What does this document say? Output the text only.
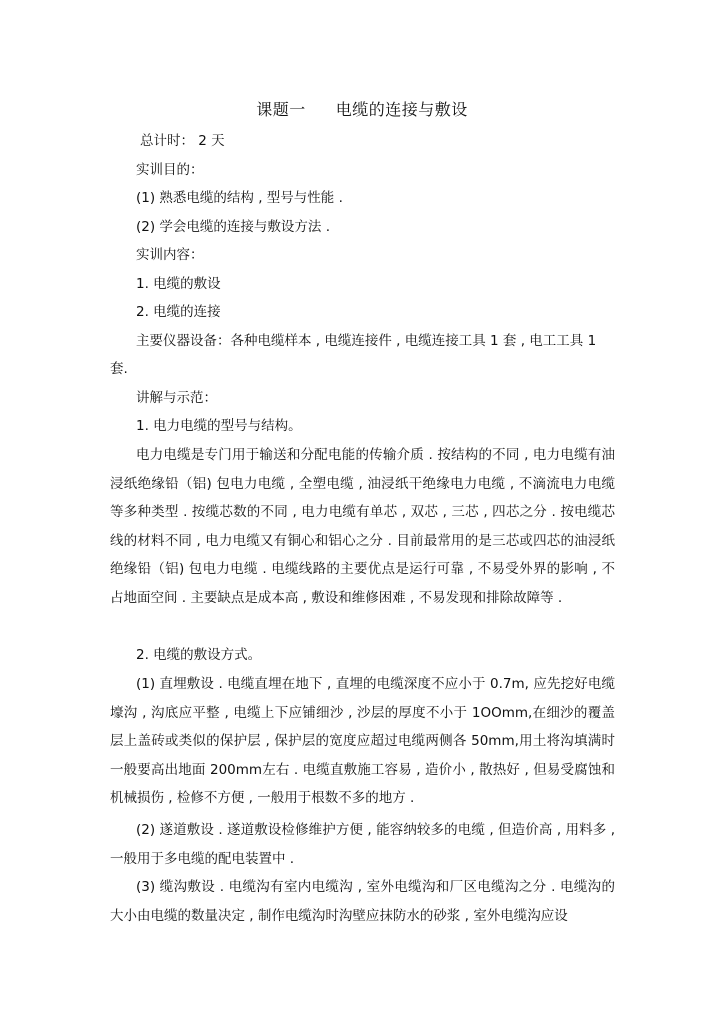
课题一 电缆的连接与敷设
总计时： 2 天
实训目的：
(1) 熟悉电缆的结构 , 型号与性能 .
(2) 学会电缆的连接与敷设方法 .
实训内容：
1. 电缆的敷设
2. 电缆的连接
主要仪器设备：各种电缆样本 , 电缆连接件 , 电缆连接工具 1 套 , 电工工具 1
套.
讲解与示范：
1. 电力电缆的型号与结构。
电力电缆是专门用于输送和分配电能的传输介质 . 按结构的不同 , 电力电缆有油浸纸绝缘铅（铝) 包电力电缆 , 全塑电缆 , 油浸纸干绝缘电力电缆 , 不滴流电力电缆等多种类型 . 按缆芯数的不同 , 电力电缆有单芯 , 双芯 , 三芯 , 四芯之分 . 按电缆芯线的材料不同 , 电力电缆又有铜心和铝心之分 . 目前最常用的是三芯或四芯的油浸纸绝缘铅（铝) 包电力电缆 . 电缆线路的主要优点是运行可靠 , 不易受外界的影响 , 不占地面空间 . 主要缺点是成本高 , 敷设和维修困难 , 不易发现和排除故障等 .
2. 电缆的敷设方式。
(1) 直埋敷设 . 电缆直埋在地下 , 直埋的电缆深度不应小于 0.7m, 应先挖好电缆壕沟 , 沟底应平整 , 电缆上下应铺细沙 , 沙层的厚度不小于 1OOmm,在细沙的覆盖层上盖砖或类似的保护层 , 保护层的宽度应超过电缆两侧各 50mm,用土将沟填满时一般要高出地面 200mm左右 . 电缆直敷施工容易 , 造价小 , 散热好 , 但易受腐蚀和机械损伤 , 检修不方便 , 一般用于根数不多的地方 .
(2) 遂道敷设 . 遂道敷设检修维护方便 , 能容纳较多的电缆 , 但造价高 , 用料多 , 一般用于多电缆的配电装置中 .
(3) 缆沟敷设 . 电缆沟有室内电缆沟 , 室外电缆沟和厂区电缆沟之分 . 电缆沟的大小由电缆的数量决定 , 制作电缆沟时沟壁应抹防水的砂浆 , 室外电缆沟应设
